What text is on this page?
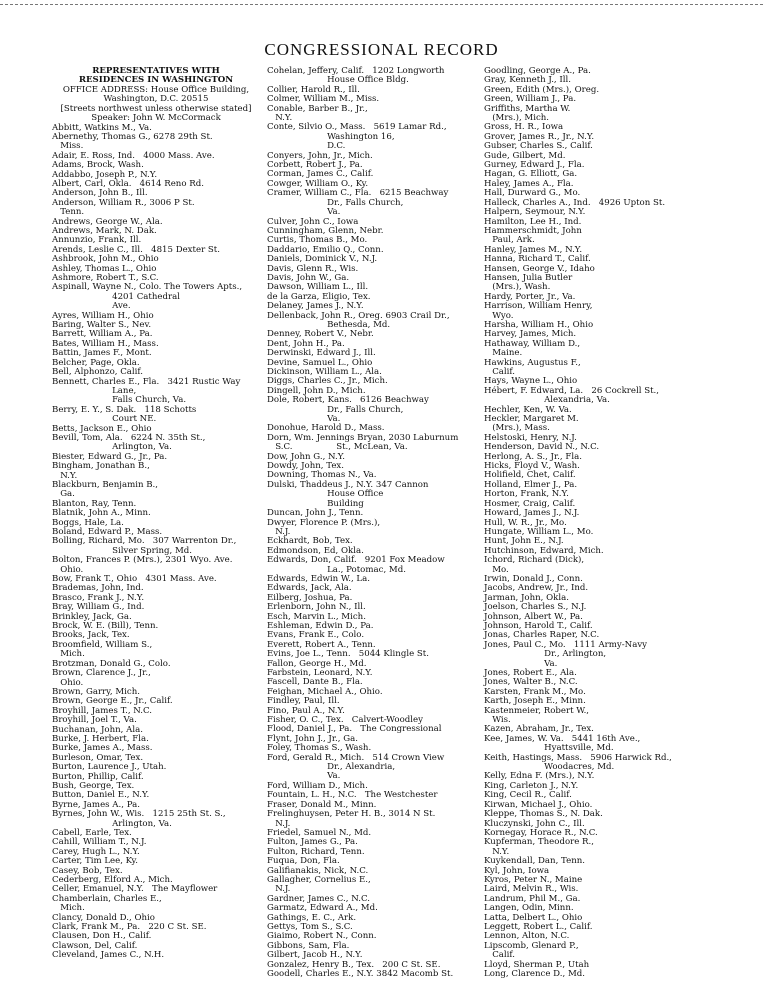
CONGRESSIONAL RECORD
REPRESENTATIVES WITH
RESIDENCES IN WASHINGTON
OFFICE ADDRESS: House Office Building,
Washington, D.C. 20515
[Streets northwest unless otherwise stated]
Speaker: John W. McCormack
Abbitt, Watkins M., Va.
Abernethy, Thomas G., 6278 29th St.
Miss.
Adair, E. Ross, Ind.   4000 Mass. Ave.
Adams, Brock, Wash.
Addabbo, Joseph P., N.Y.
Albert, Carl, Okla.   4614 Reno Rd.
Anderson, John B., Ill.
Anderson, William R., 3006 P St.
Tenn.
Andrews, George W., Ala.
Andrews, Mark, N. Dak.
Annunzio, Frank, Ill.
Arends, Leslie C., Ill.   4815 Dexter St.
Ashbrook, John M., Ohio
Ashley, Thomas L., Ohio
Ashmore, Robert T., S.C.
Aspinall, Wayne N., Colo. The Towers Apts.,
4201 Cathedral
Ave.
Ayres, William H., Ohio
Baring, Walter S., Nev.
Barrett, William A., Pa.
Bates, William H., Mass.
Battin, James F., Mont.
Belcher, Page, Okla.
Bell, Alphonzo, Calif.
Bennett, Charles E., Fla.   3421 Rustic Way
Lane,
Falls Church, Va.
Berry, E. Y., S. Dak.   118 Schotts
Court NE.
Betts, Jackson E., Ohio
Bevill, Tom, Ala.   6224 N. 35th St.,
Arlington, Va.
Biester, Edward G., Jr., Pa.
Bingham, Jonathan B.,
N.Y.
Blackburn, Benjamin B.,
Ga.
Blanton, Ray, Tenn.
Blatnik, John A., Minn.
Boggs, Hale, La.
Boland, Edward P., Mass.
Bolling, Richard, Mo.   307 Warrenton Dr.,
Silver Spring, Md.
Bolton, Frances P. (Mrs.), 2301 Wyo. Ave.
Ohio.
Bow, Frank T., Ohio   4301 Mass. Ave.
Brademas, John, Ind.
Brasco, Frank J., N.Y.
Bray, William G., Ind.
Brinkley, Jack, Ga.
Brock, W. E. (Bill), Tenn.
Brooks, Jack, Tex.
Broomfield, William S.,
Mich.
Brotzman, Donald G., Colo.
Brown, Clarence J., Jr.,
Ohio.
Brown, Garry, Mich.
Brown, George E., Jr., Calif.
Broyhill, James T., N.C.
Broyhill, Joel T., Va.
Buchanan, John, Ala.
Burke, J. Herbert, Fla.
Burke, James A., Mass.
Burleson, Omar, Tex.
Burton, Laurence J., Utah.
Burton, Phillip, Calif.
Bush, George, Tex.
Button, Daniel E., N.Y.
Byrne, James A., Pa.
Byrnes, John W., Wis.   1215 25th St. S.,
Arlington, Va.
Cabell, Earle, Tex.
Cahill, William T., N.J.
Carey, Hugh L., N.Y.
Carter, Tim Lee, Ky.
Casey, Bob, Tex.
Cederberg, Elford A., Mich.
Celler, Emanuel, N.Y.   The Mayflower
Chamberlain, Charles E.,
Mich.
Clancy, Donald D., Ohio
Clark, Frank M., Pa.   220 C St. SE.
Clausen, Don H., Calif.
Clawson, Del, Calif.
Cleveland, James C., N.H.
Cohelan, Jeffery, Calif.   1202 Longworth
House Office Bldg.
Collier, Harold R., Ill.
Colmer, William M., Miss.
Conable, Barber B., Jr.,
N.Y.
Conte, Silvio O., Mass.   5619 Lamar Rd.,
Washington 16,
D.C.
Conyers, John, Jr., Mich.
Corbett, Robert J., Pa.
Corman, James C., Calif.
Cowger, William O., Ky.
Cramer, William C., Fla.   6215 Beachway
Dr., Falls Church,
Va.
Culver, John C., Iowa
Cunningham, Glenn, Nebr.
Curtis, Thomas B., Mo.
Daddario, Emilio Q., Conn.
Daniels, Dominick V., N.J.
Davis, Glenn R., Wis.
Davis, John W., Ga.
Dawson, William L., Ill.
de la Garza, Eligio, Tex.
Delaney, James J., N.Y.
Dellenback, John R., Oreg. 6903 Crail Dr.,
Bethesda, Md.
Denney, Robert V., Nebr.
Dent, John H., Pa.
Derwinski, Edward J., Ill.
Devine, Samuel L., Ohio
Dickinson, William L., Ala.
Diggs, Charles C., Jr., Mich.
Dingell, John D., Mich.
Dole, Robert, Kans.   6126 Beachway
Dr., Falls Church,
Va.
Donohue, Harold D., Mass.
Dorn, Wm. Jennings Bryan, 2030 Laburnum
S.C.                St., McLean, Va.
Dow, John G., N.Y.
Dowdy, John, Tex.
Downing, Thomas N., Va.
Dulski, Thaddeus J., N.Y. 347 Cannon
House Office
Building
Duncan, John J., Tenn.
Dwyer, Florence P. (Mrs.),
N.J.
Eckhardt, Bob, Tex.
Edmondson, Ed, Okla.
Edwards, Don, Calif.   9201 Fox Meadow
La., Potomac, Md.
Edwards, Edwin W., La.
Edwards, Jack, Ala.
Eilberg, Joshua, Pa.
Erlenborn, John N., Ill.
Esch, Marvin L., Mich.
Eshleman, Edwin D., Pa.
Evans, Frank E., Colo.
Everett, Robert A., Tenn.
Evins, Joe L., Tenn.   5044 Klingle St.
Fallon, George H., Md.
Farbstein, Leonard, N.Y.
Fascell, Dante B., Fla.
Feighan, Michael A., Ohio.
Findley, Paul, Ill.
Fino, Paul A., N.Y.
Fisher, O. C., Tex.   Calvert-Woodley
Flood, Daniel J., Pa.   The Congressional
Flynt, John J., Jr., Ga.
Foley, Thomas S., Wash.
Ford, Gerald R., Mich.   514 Crown View
Dr., Alexandria,
Va.
Ford, William D., Mich.
Fountain, L. H., N.C.   The Westchester
Fraser, Donald M., Minn.
Frelinghuysen, Peter H. B., 3014 N St.
N.J.
Friedel, Samuel N., Md.
Fulton, James G., Pa.
Fulton, Richard, Tenn.
Fuqua, Don, Fla.
Galifianakis, Nick, N.C.
Gallagher, Cornelius E.,
N.J.
Gardner, James C., N.C.
Garmatz, Edward A., Md.
Gathings, E. C., Ark.
Gettys, Tom S., S.C.
Giaimo, Robert N., Conn.
Gibbons, Sam, Fla.
Gilbert, Jacob H., N.Y.
Gonzalez, Henry B., Tex.   200 C St. SE.
Goodell, Charles E., N.Y. 3842 Macomb St.
Goodling, George A., Pa.
Gray, Kenneth J., Ill.
Green, Edith (Mrs.), Oreg.
Green, William J., Pa.
Griffiths, Martha W.
(Mrs.), Mich.
Gross, H. R., Iowa
Grover, James R., Jr., N.Y.
Gubser, Charles S., Calif.
Gude, Gilbert, Md.
Gurney, Edward J., Fla.
Hagan, G. Elliott, Ga.
Haley, James A., Fla.
Hall, Durward G., Mo.
Halleck, Charles A., Ind.   4926 Upton St.
Halpern, Seymour, N.Y.
Hamilton, Lee H., Ind.
Hammerschmidt, John
Paul, Ark.
Hanley, James M., N.Y.
Hanna, Richard T., Calif.
Hansen, George V., Idaho
Hansen, Julia Butler
(Mrs.), Wash.
Hardy, Porter, Jr., Va.
Harrison, William Henry,
Wyo.
Harsha, William H., Ohio
Harvey, James, Mich.
Hathaway, William D.,
Maine.
Hawkins, Augustus F.,
Calif.
Hays, Wayne L., Ohio
Hébert, F. Edward, La.   26 Cockrell St.,
Alexandria, Va.
Hechler, Ken, W. Va.
Heckler, Margaret M.
(Mrs.), Mass.
Helstoski, Henry, N.J.
Henderson, David N., N.C.
Herlong, A. S., Jr., Fla.
Hicks, Floyd V., Wash.
Holifield, Chet, Calif.
Holland, Elmer J., Pa.
Horton, Frank, N.Y.
Hosmer, Craig, Calif.
Howard, James J., N.J.
Hull, W. R., Jr., Mo.
Hungate, William L., Mo.
Hunt, John E., N.J.
Hutchinson, Edward, Mich.
Ichord, Richard (Dick),
Mo.
Irwin, Donald J., Conn.
Jacobs, Andrew, Jr., Ind.
Jarman, John, Okla.
Joelson, Charles S., N.J.
Johnson, Albert W., Pa.
Johnson, Harold T., Calif.
Jonas, Charles Raper, N.C.
Jones, Paul C., Mo.   1111 Army-Navy
Dr., Arlington,
Va.
Jones, Robert E., Ala.
Jones, Walter B., N.C.
Karsten, Frank M., Mo.
Karth, Joseph E., Minn.
Kastenmeier, Robert W.,
Wis.
Kazen, Abraham, Jr., Tex.
Kee, James, W. Va.   5441 16th Ave.,
Hyattsville, Md.
Keith, Hastings, Mass.   5906 Harwick Rd.,
Woodacres, Md.
Kelly, Edna F. (Mrs.), N.Y.
King, Carleton J., N.Y.
King, Cecil R., Calif.
Kirwan, Michael J., Ohio.
Kleppe, Thomas S., N. Dak.
Kluczynski, John C., Ill.
Kornegay, Horace R., N.C.
Kupferman, Theodore R.,
N.Y.
Kuykendall, Dan, Tenn.
Kyl, John, Iowa
Kyros, Peter N., Maine
Laird, Melvin R., Wis.
Landrum, Phil M., Ga.
Langen, Odin, Minn.
Latta, Delbert L., Ohio
Leggett, Robert L., Calif.
Lennon, Alton, N.C.
Lipscomb, Glenard P.,
Calif.
Lloyd, Sherman P., Utah
Long, Clarence D., Md.
